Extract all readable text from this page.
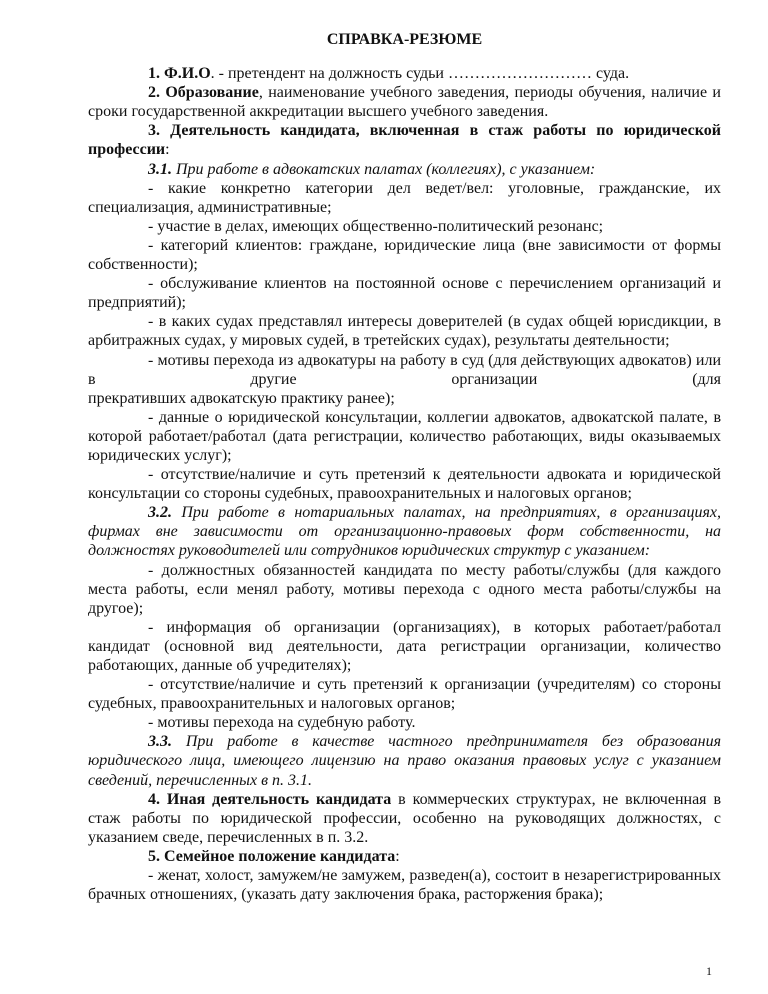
СПРАВКА-РЕЗЮМЕ

1. Ф.И.О. - претендент на должность судьи ……………………… суда.

2. Образование, наименование учебного заведения, периоды обучения, наличие и сроки государственной аккредитации высшего учебного заведения.

3. Деятельность кандидата, включенная в стаж работы по юридической профессии:

3.1. При работе в адвокатских палатах (коллегиях), с указанием:

- какие конкретно категории дел ведет/вел: уголовные, гражданские, их специализация, административные;

- участие в делах, имеющих общественно-политический резонанс;

- категорий клиентов: граждане, юридические лица (вне зависимости от формы собственности);

- обслуживание клиентов на постоянной основе с перечислением организаций и предприятий);

- в каких судах представлял интересы доверителей (в судах общей юрисдикции, в арбитражных судах, у мировых судей, в третейских судах), результаты деятельности;

- мотивы перехода из адвокатуры на работу в суд (для действующих адвокатов) или в другие организации (для

прекративших адвокатскую практику ранее);

- данные о юридической консультации, коллегии адвокатов, адвокатской палате, в которой работает/работал (дата регистрации, количество работающих, виды оказываемых юридических услуг);

- отсутствие/наличие и суть претензий к деятельности адвоката и юридической консультации со стороны судебных, правоохранительных и налоговых органов;

3.2. При работе в нотариальных палатах, на предприятиях, в организациях, фирмах вне зависимости от организационно-правовых форм собственности, на должностях руководителей или сотрудников юридических структур с указанием:

- должностных обязанностей кандидата по месту работы/службы (для каждого места работы, если менял работу, мотивы перехода с одного места работы/службы на другое);

- информация об организации (организациях), в которых работает/работал кандидат (основной вид деятельности, дата регистрации организации, количество работающих, данные об учредителях);

- отсутствие/наличие и суть претензий к организации (учредителям) со стороны судебных, правоохранительных и налоговых органов;

- мотивы перехода на судебную работу.

3.3. При работе в качестве частного предпринимателя без образования юридического лица, имеющего лицензию на право оказания правовых услуг с указанием сведений, перечисленных в п. 3.1.

4. Иная деятельность кандидата в коммерческих структурах, не включенная в стаж работы по юридической профессии, особенно на руководящих должностях, с указанием сведе, перечисленных в п. 3.2.

5. Семейное положение кандидата:

- женат, холост, замужем/не замужем, разведен(а), состоит в незарегистрированных брачных отношениях, (указать дату заключения брака, расторжения брака);

1
